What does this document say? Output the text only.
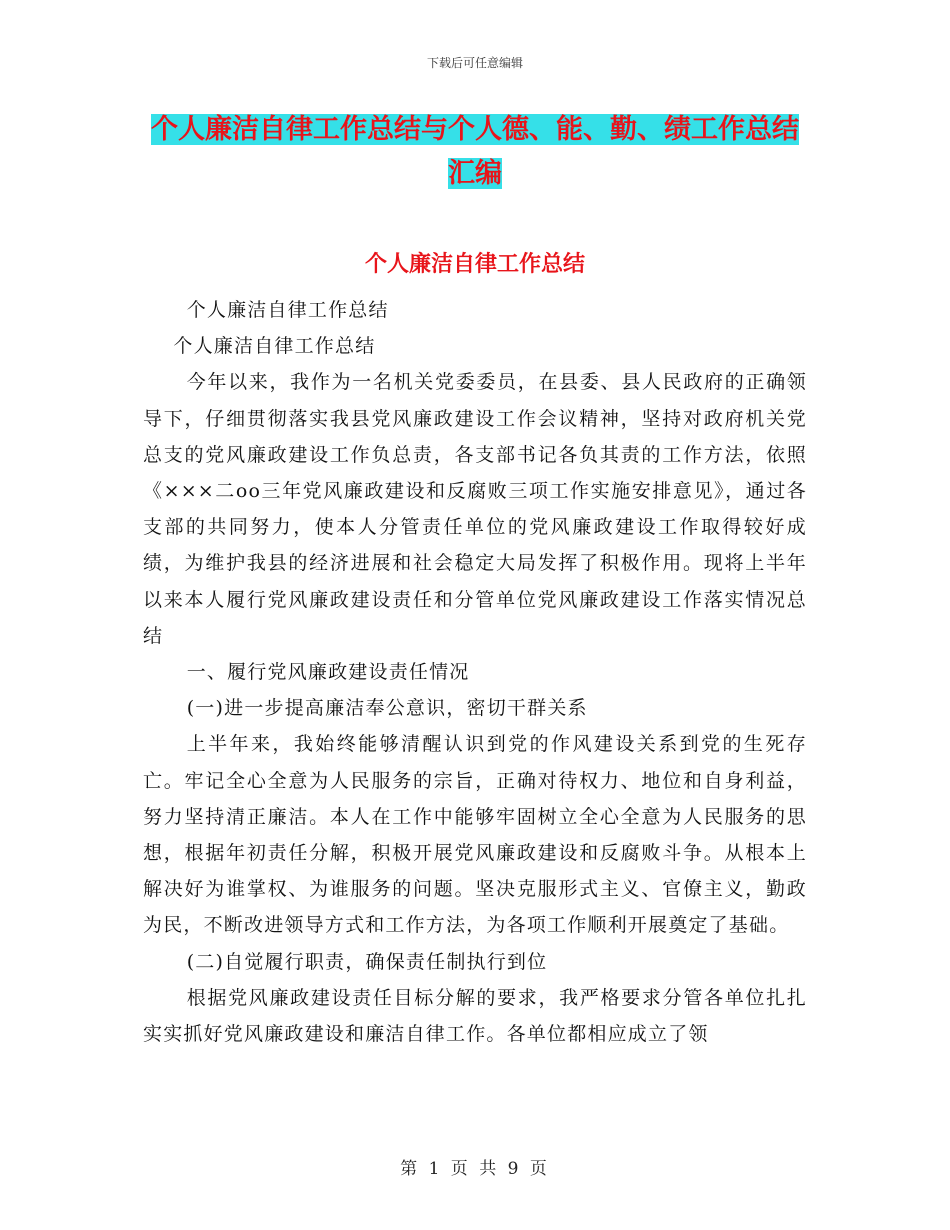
下载后可任意编辑
个人廉洁自律工作总结与个人德、能、勤、绩工作总结汇编
个人廉洁自律工作总结

个人廉洁自律工作总结

个人廉洁自律工作总结

今年以来，我作为一名机关党委委员，在县委、县人民政府的正确领导下，仔细贯彻落实我县党风廉政建设工作会议精神，坚持对政府机关党总支的党风廉政建设工作负总责，各支部书记各负其责的工作方法，依照《×××二oo三年党风廉政建设和反腐败三项工作实施安排意见》，通过各支部的共同努力，使本人分管责任单位的党风廉政建设工作取得较好成绩，为维护我县的经济进展和社会稳定大局发挥了积极作用。现将上半年以来本人履行党风廉政建设责任和分管单位党风廉政建设工作落实情况总结

一、履行党风廉政建设责任情况

(一)进一步提高廉洁奉公意识，密切干群关系

上半年来，我始终能够清醒认识到党的作风建设关系到党的生死存亡。牢记全心全意为人民服务的宗旨，正确对待权力、地位和自身利益，努力坚持清正廉洁。本人在工作中能够牢固树立全心全意为人民服务的思想，根据年初责任分解，积极开展党风廉政建设和反腐败斗争。从根本上解决好为谁掌权、为谁服务的问题。坚决克服形式主义、官僚主义，勤政为民，不断改进领导方式和工作方法，为各项工作顺利开展奠定了基础。

(二)自觉履行职责，确保责任制执行到位

根据党风廉政建设责任目标分解的要求，我严格要求分管各单位扎扎实实抓好党风廉政建设和廉洁自律工作。各单位都相应成立了领

第 1 页 共 9 页
